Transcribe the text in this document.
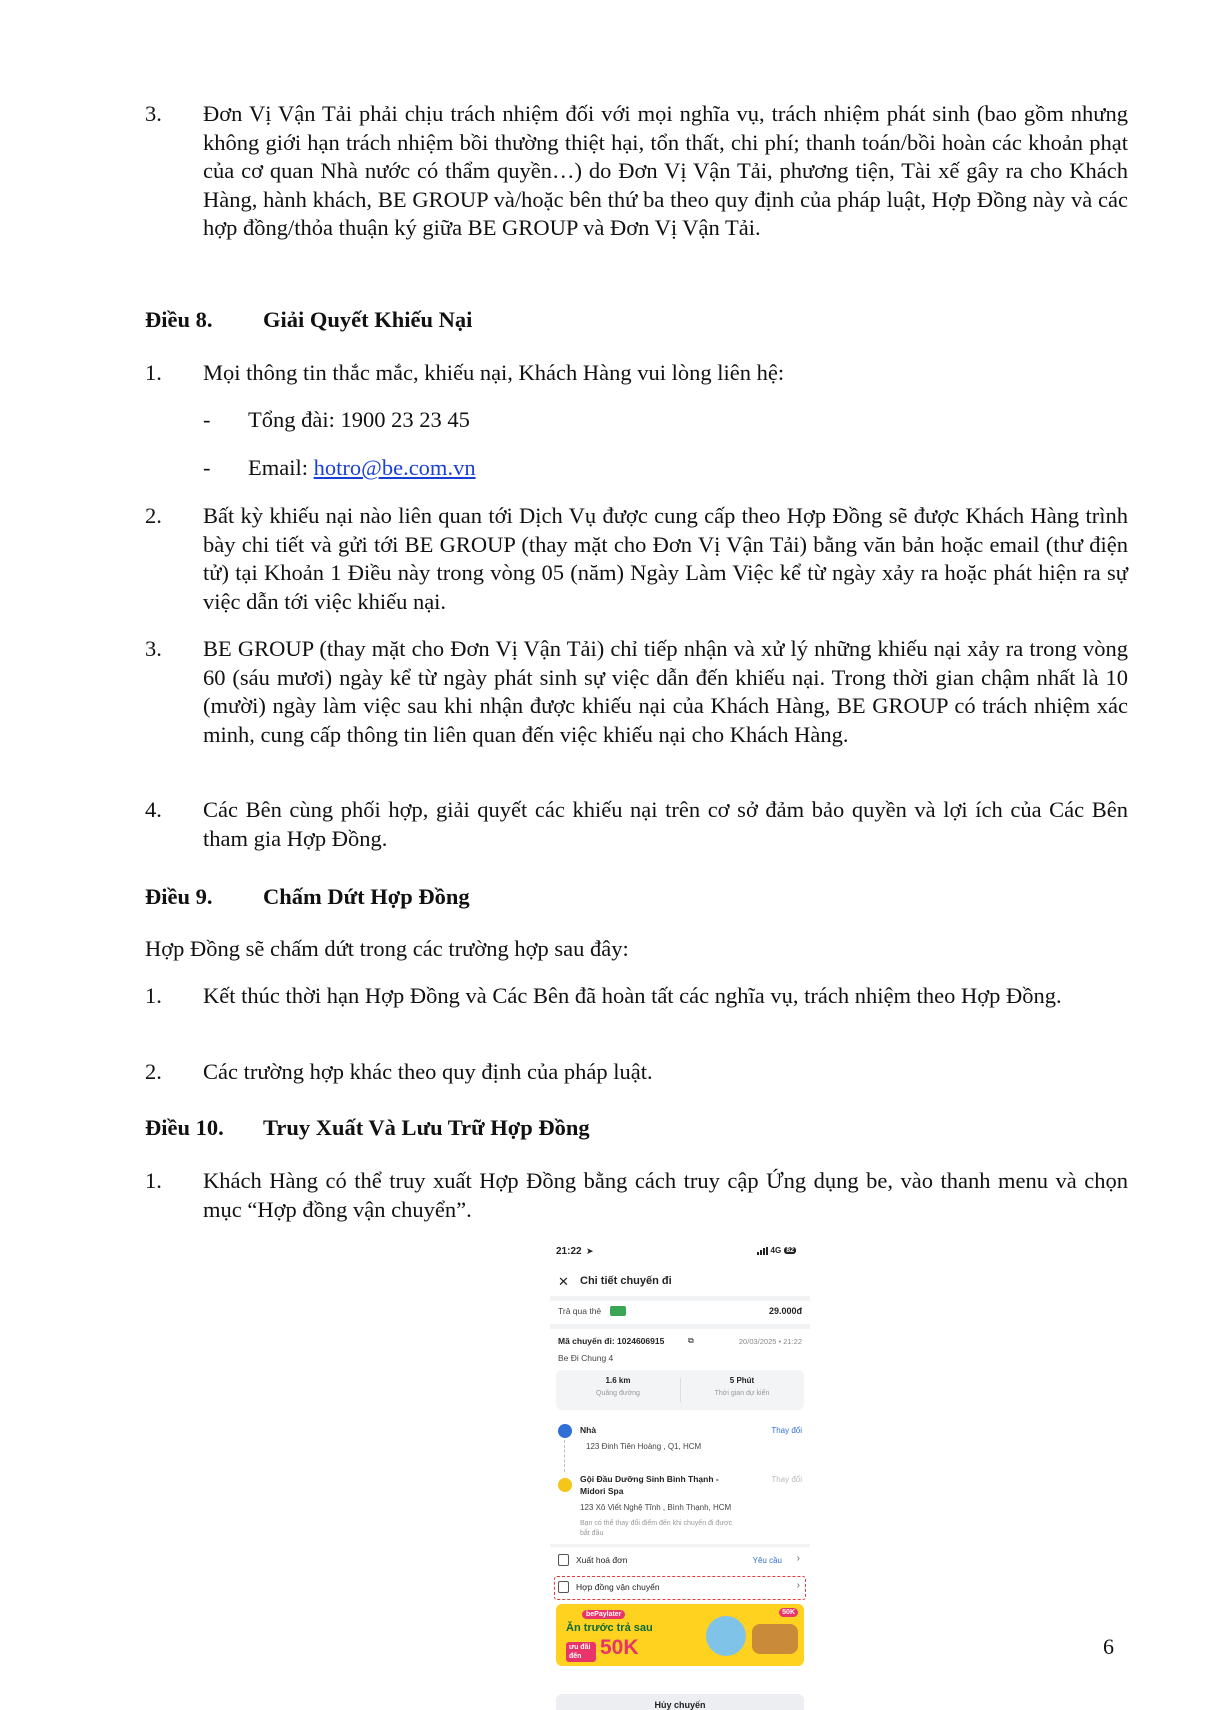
3.	Đơn Vị Vận Tải phải chịu trách nhiệm đối với mọi nghĩa vụ, trách nhiệm phát sinh (bao gồm nhưng không giới hạn trách nhiệm bồi thường thiệt hại, tổn thất, chi phí; thanh toán/bồi hoàn các khoản phạt của cơ quan Nhà nước có thẩm quyền…) do Đơn Vị Vận Tải, phương tiện, Tài xế gây ra cho Khách Hàng, hành khách, BE GROUP và/hoặc bên thứ ba theo quy định của pháp luật, Hợp Đồng này và các hợp đồng/thỏa thuận ký giữa BE GROUP và Đơn Vị Vận Tải.
Điều 8. Giải Quyết Khiếu Nại
1.	Mọi thông tin thắc mắc, khiếu nại, Khách Hàng vui lòng liên hệ:
- Tổng đài: 1900 23 23 45
- Email: hotro@be.com.vn
2.	Bất kỳ khiếu nại nào liên quan tới Dịch Vụ được cung cấp theo Hợp Đồng sẽ được Khách Hàng trình bày chi tiết và gửi tới BE GROUP (thay mặt cho Đơn Vị Vận Tải) bằng văn bản hoặc email (thư điện tử) tại Khoản 1 Điều này trong vòng 05 (năm) Ngày Làm Việc kể từ ngày xảy ra hoặc phát hiện ra sự việc dẫn tới việc khiếu nại.
3.	BE GROUP (thay mặt cho Đơn Vị Vận Tải) chỉ tiếp nhận và xử lý những khiếu nại xảy ra trong vòng 60 (sáu mươi) ngày kể từ ngày phát sinh sự việc dẫn đến khiếu nại. Trong thời gian chậm nhất là 10 (mười) ngày làm việc sau khi nhận được khiếu nại của Khách Hàng, BE GROUP có trách nhiệm xác minh, cung cấp thông tin liên quan đến việc khiếu nại cho Khách Hàng.
4.	Các Bên cùng phối hợp, giải quyết các khiếu nại trên cơ sở đảm bảo quyền và lợi ích của Các Bên tham gia Hợp Đồng.
Điều 9. Chấm Dứt Hợp Đồng
Hợp Đồng sẽ chấm dứt trong các trường hợp sau đây:
1.	Kết thúc thời hạn Hợp Đồng và Các Bên đã hoàn tất các nghĩa vụ, trách nhiệm theo Hợp Đồng.
2.	Các trường hợp khác theo quy định của pháp luật.
Điều 10. Truy Xuất Và Lưu Trữ Hợp Đồng
1.	Khách Hàng có thể truy xuất Hợp Đồng bằng cách truy cập Ứng dụng be, vào thanh menu và chọn mục “Hợp đồng vận chuyển”.
21:22 ➤	4G 82
✕ Chi tiết chuyến đi
Trả qua thẻ	29.000đ
Mã chuyến đi: 1024606915	⧉	20/03/2025 • 21:22
Be Đi Chung 4
1.6 km
Quãng đường
5 Phút
Thời gian dự kiến
Nhà	Thay đổi
123 Đinh Tiên Hoàng , Q1, HCM
Gội Đầu Dưỡng Sinh Bình Thạnh -
Midori Spa
Thay đổi
123 Xô Viết Nghệ Tĩnh , Bình Thạnh, HCM
Bạn có thể thay đổi điểm đến khi chuyến đi được
bắt đầu
Xuất hoá đơn	Yêu cầu ›
Hợp đồng vận chuyển	›
bePaylater
Ăn trước trả sau
ưu đãi đến 50K
50K
Hủy chuyến
6
